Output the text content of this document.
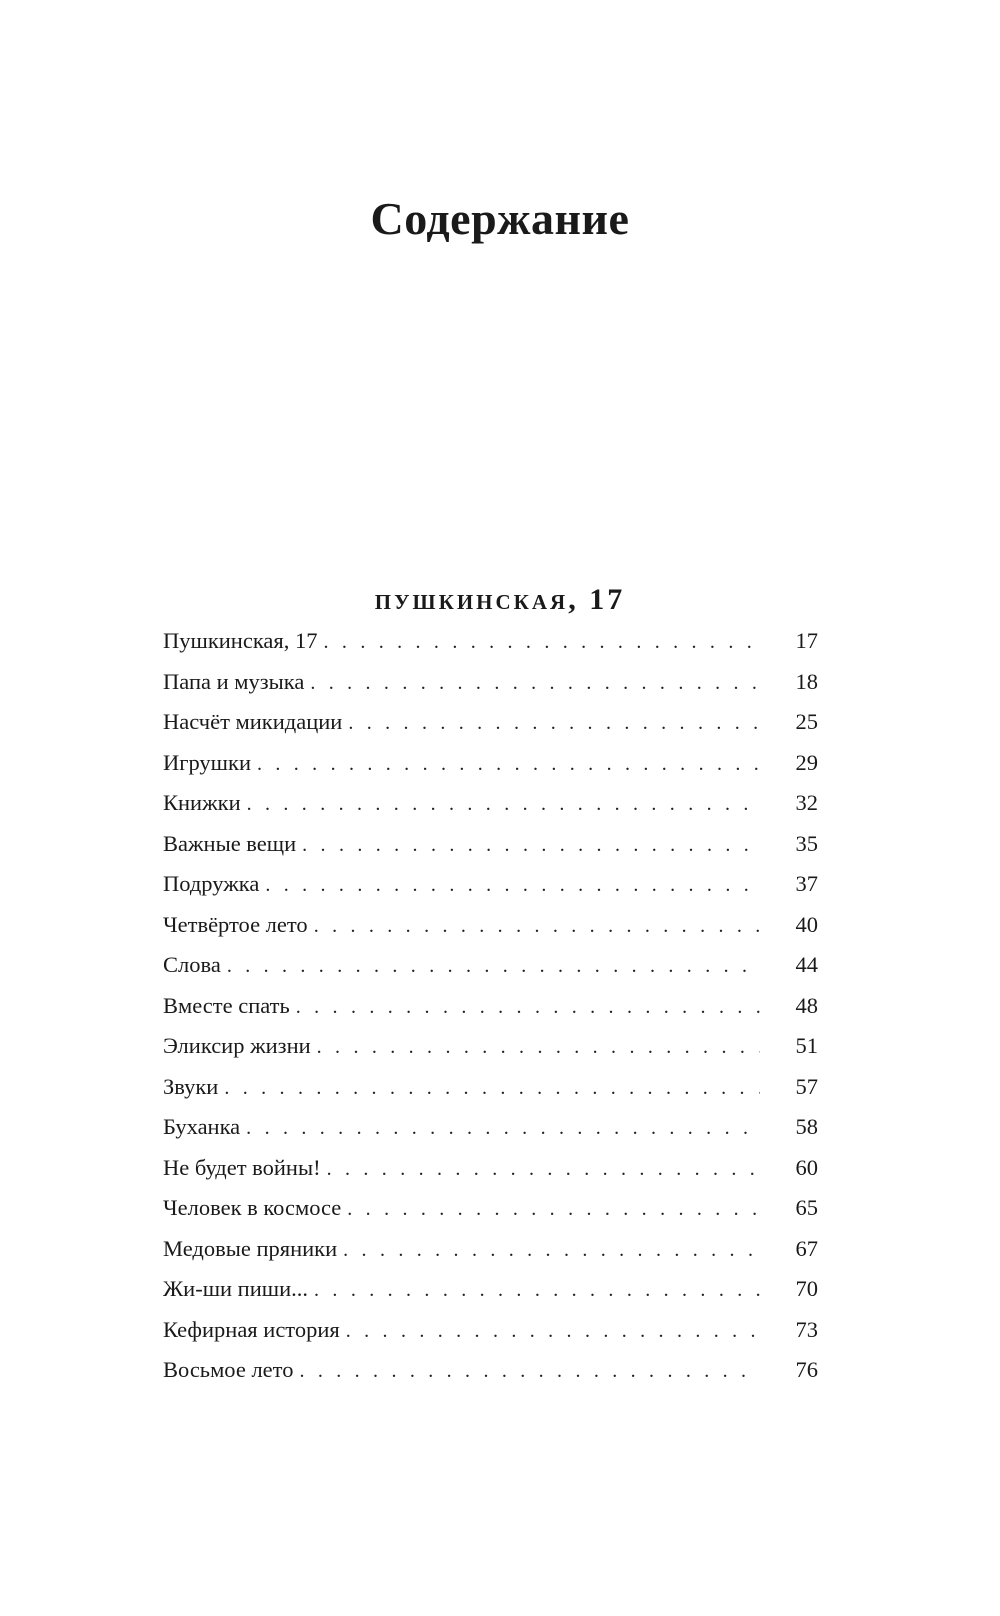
Содержание
пушкинская, 17
Пушкинская, 17 . . .	17
Папа и музыка . . .	18
Насчёт микидации . . .	25
Игрушки . . .	29
Книжки . . .	32
Важные вещи . . .	35
Подружка . . .	37
Четвёртое лето . . .	40
Слова . . .	44
Вместе спать . . .	48
Эликсир жизни . . .	51
Звуки . . .	57
Буханка . . .	58
Не будет войны! . . .	60
Человек в космосе . . .	65
Медовые пряники . . .	67
Жи-ши пиши... . . .	70
Кефирная история . . .	73
Восьмое лето . . .	76
